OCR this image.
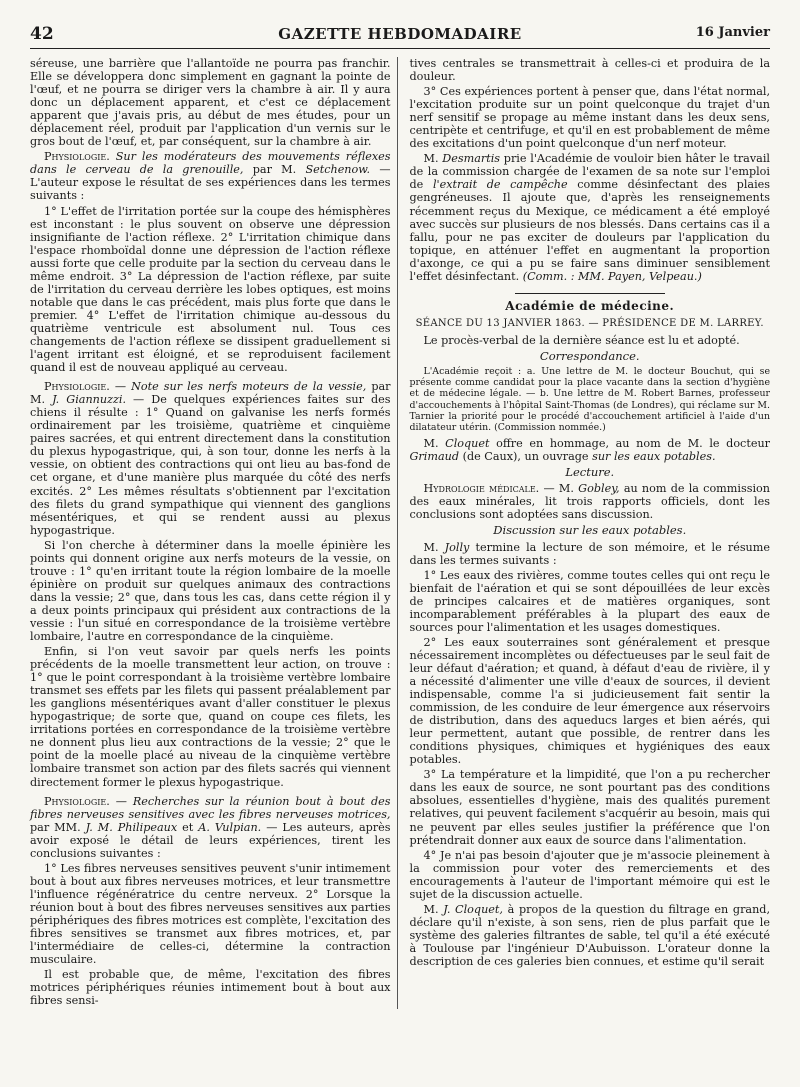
42	GAZETTE HEBDOMADAIRE	16 Janvier

séreuse, une barrière que l'allantoïde ne pourra pas franchir. Elle se développera donc simplement en gagnant la pointe de l'œuf, et ne pourra se diriger vers la chambre à air. Il y aura donc un déplacement apparent, et c'est ce déplacement apparent que j'avais pris, au début de mes études, pour un déplacement réel, produit par l'application d'un vernis sur le gros bout de l'œuf, et, par conséquent, sur la chambre à air.

Physiologie. Sur les modérateurs des mouvements réflexes dans le cerveau de la grenouille, par M. Setchenow. — L'auteur expose le résultat de ses expériences dans les termes suivants :

1° L'effet de l'irritation portée sur la coupe des hémisphères est inconstant : le plus souvent on observe une dépression insignifiante de l'action réflexe. 2° L'irritation chimique dans l'espace rhomboïdal donne une dépression de l'action réflexe aussi forte que celle produite par la section du cerveau dans le même endroit. 3° La dépression de l'action réflexe, par suite de l'irritation du cerveau derrière les lobes optiques, est moins notable que dans le cas précédent, mais plus forte que dans le premier. 4° L'effet de l'irritation chimique au-dessous du quatrième ventricule est absolument nul. Tous ces changements de l'action réflexe se dissipent graduellement si l'agent irritant est éloigné, et se reproduisent facilement quand il est de nouveau appliqué au cerveau.

Physiologie. — Note sur les nerfs moteurs de la vessie, par M. J. Giannuzzi. — De quelques expériences faites sur des chiens il résulte : 1° Quand on galvanise les nerfs formés ordinairement par les troisième, quatrième et cinquième paires sacrées, et qui entrent directement dans la constitution du plexus hypogastrique, qui, à son tour, donne les nerfs à la vessie, on obtient des contractions qui ont lieu au bas-fond de cet organe, et d'une manière plus marquée du côté des nerfs excités. 2° Les mêmes résultats s'obtiennent par l'excitation des filets du grand sympathique qui viennent des ganglions mésentériques, et qui se rendent aussi au plexus hypogastrique.

Si l'on cherche à déterminer dans la moelle épinière les points qui donnent origine aux nerfs moteurs de la vessie, on trouve : 1° qu'en irritant toute la région lombaire de la moelle épinière on produit sur quelques animaux des contractions dans la vessie; 2° que, dans tous les cas, dans cette région il y a deux points principaux qui président aux contractions de la vessie : l'un situé en correspondance de la troisième vertèbre lombaire, l'autre en correspondance de la cinquième.

Enfin, si l'on veut savoir par quels nerfs les points précédents de la moelle transmettent leur action, on trouve : 1° que le point correspondant à la troisième vertèbre lombaire transmet ses effets par les filets qui passent préalablement par les ganglions mésentériques avant d'aller constituer le plexus hypogastrique; de sorte que, quand on coupe ces filets, les irritations portées en correspondance de la troisième vertèbre ne donnent plus lieu aux contractions de la vessie; 2° que le point de la moelle placé au niveau de la cinquième vertèbre lombaire transmet son action par des filets sacrés qui viennent directement former le plexus hypogastrique.

Physiologie. — Recherches sur la réunion bout à bout des fibres nerveuses sensitives avec les fibres nerveuses motrices, par MM. J. M. Philipeaux et A. Vulpian. — Les auteurs, après avoir exposé le détail de leurs expériences, tirent les conclusions suivantes :

1° Les fibres nerveuses sensitives peuvent s'unir intimement bout à bout aux fibres nerveuses motrices, et leur transmettre l'influence régénératrice du centre nerveux. 2° Lorsque la réunion bout à bout des fibres nerveuses sensitives aux parties périphériques des fibres motrices est complète, l'excitation des fibres sensitives se transmet aux fibres motrices, et, par l'intermédiaire de celles-ci, détermine la contraction musculaire.

Il est probable que, de même, l'excitation des fibres motrices périphériques réunies intimement bout à bout aux fibres sensi-

tives centrales se transmettrait à celles-ci et produira de la douleur.

3° Ces expériences portent à penser que, dans l'état normal, l'excitation produite sur un point quelconque du trajet d'un nerf sensitif se propage au même instant dans les deux sens, centripète et centrifuge, et qu'il en est probablement de même des excitations d'un point quelconque d'un nerf moteur.

M. Desmartis prie l'Académie de vouloir bien hâter le travail de la commission chargée de l'examen de sa note sur l'emploi de l'extrait de campêche comme désinfectant des plaies gengréneuses. Il ajoute que, d'après les renseignements récemment reçus du Mexique, ce médicament a été employé avec succès sur plusieurs de nos blessés. Dans certains cas il a fallu, pour ne pas exciter de douleurs par l'application du topique, en atténuer l'effet en augmentant la proportion d'axonge, ce qui a pu se faire sans diminuer sensiblement l'effet désinfectant. (Comm. : MM. Payen, Velpeau.)

Académie de médecine.
SÉANCE DU 13 JANVIER 1863. — PRÉSIDENCE DE M. LARREY.

Le procès-verbal de la dernière séance est lu et adopté.

Correspondance.

L'Académie reçoit : a. Une lettre de M. le docteur Bouchut, qui se présente comme candidat pour la place vacante dans la section d'hygiène et de médecine légale. — b. Une lettre de M. Robert Barnes, professeur d'accouchements à l'hôpital Saint-Thomas (de Londres), qui réclame sur M. Tarnier la priorité pour le procédé d'accouchement artificiel à l'aide d'un dilatateur utérin. (Commission nommée.)

M. Cloquet offre en hommage, au nom de M. le docteur Grimaud (de Caux), un ouvrage sur les eaux potables.

Lecture.

Hydrologie médicale. — M. Gobley, au nom de la commission des eaux minérales, lit trois rapports officiels, dont les conclusions sont adoptées sans discussion.

Discussion sur les eaux potables.

M. Jolly termine la lecture de son mémoire, et le résume dans les termes suivants :

1° Les eaux des rivières, comme toutes celles qui ont reçu le bienfait de l'aération et qui se sont dépouillées de leur excès de principes calcaires et de matières organiques, sont incomparablement préférables à la plupart des eaux de sources pour l'alimentation et les usages domestiques.

2° Les eaux souterraines sont généralement et presque nécessairement incomplètes ou défectueuses par le seul fait de leur défaut d'aération; et quand, à défaut d'eau de rivière, il y a nécessité d'alimenter une ville d'eaux de sources, il devient indispensable, comme l'a si judicieusement fait sentir la commission, de les conduire de leur émergence aux réservoirs de distribution, dans des aqueducs larges et bien aérés, qui leur permettent, autant que possible, de rentrer dans les conditions physiques, chimiques et hygiéniques des eaux potables.

3° La température et la limpidité, que l'on a pu rechercher dans les eaux de source, ne sont pourtant pas des conditions absolues, essentielles d'hygiène, mais des qualités purement relatives, qui peuvent facilement s'acquérir au besoin, mais qui ne peuvent par elles seules justifier la préférence que l'on prétendrait donner aux eaux de source dans l'alimentation.

4° Je n'ai pas besoin d'ajouter que je m'associe pleinement à la commission pour voter des remerciements et des encouragements à l'auteur de l'important mémoire qui est le sujet de la discussion actuelle.

M. J. Cloquet, à propos de la question du filtrage en grand, déclare qu'il n'existe, à son sens, rien de plus parfait que le système des galeries filtrantes de sable, tel qu'il a été exécuté à Toulouse par l'ingénieur D'Aubuisson. L'orateur donne la description de ces galeries bien connues, et estime qu'il serait
